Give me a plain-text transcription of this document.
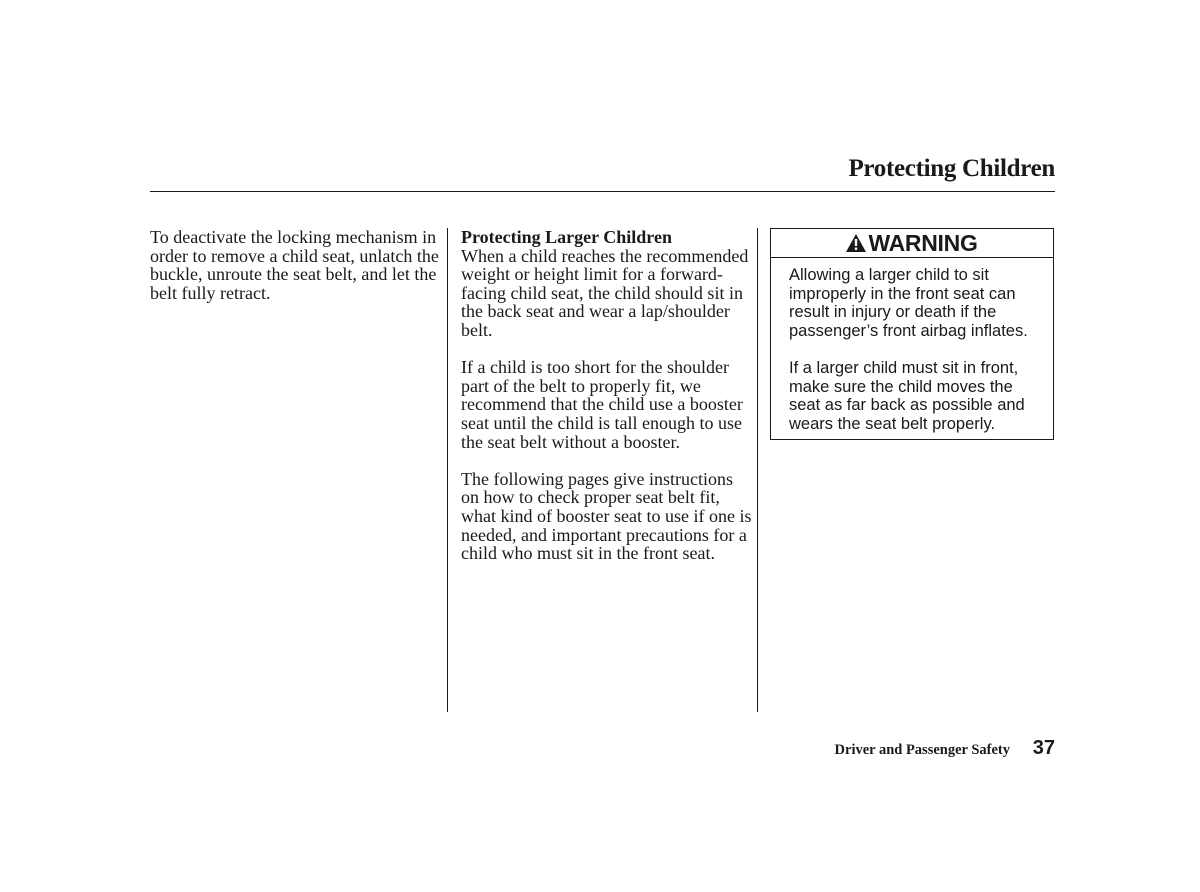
Protecting Children

To deactivate the locking mechanism in order to remove a child seat, unlatch the buckle, unroute the seat belt, and let the belt fully retract.

Protecting Larger Children

When a child reaches the recommended weight or height limit for a forward-facing child seat, the child should sit in the back seat and wear a lap/shoulder belt.

If a child is too short for the shoulder part of the belt to properly fit, we recommend that the child use a booster seat until the child is tall enough to use the seat belt without a booster.

The following pages give instructions on how to check proper seat belt fit, what kind of booster seat to use if one is needed, and important precautions for a child who must sit in the front seat.

WARNING

Allowing a larger child to sit improperly in the front seat can result in injury or death if the passenger’s front airbag inflates.

If a larger child must sit in front, make sure the child moves the seat as far back as possible and wears the seat belt properly.

Driver and Passenger Safety 37
